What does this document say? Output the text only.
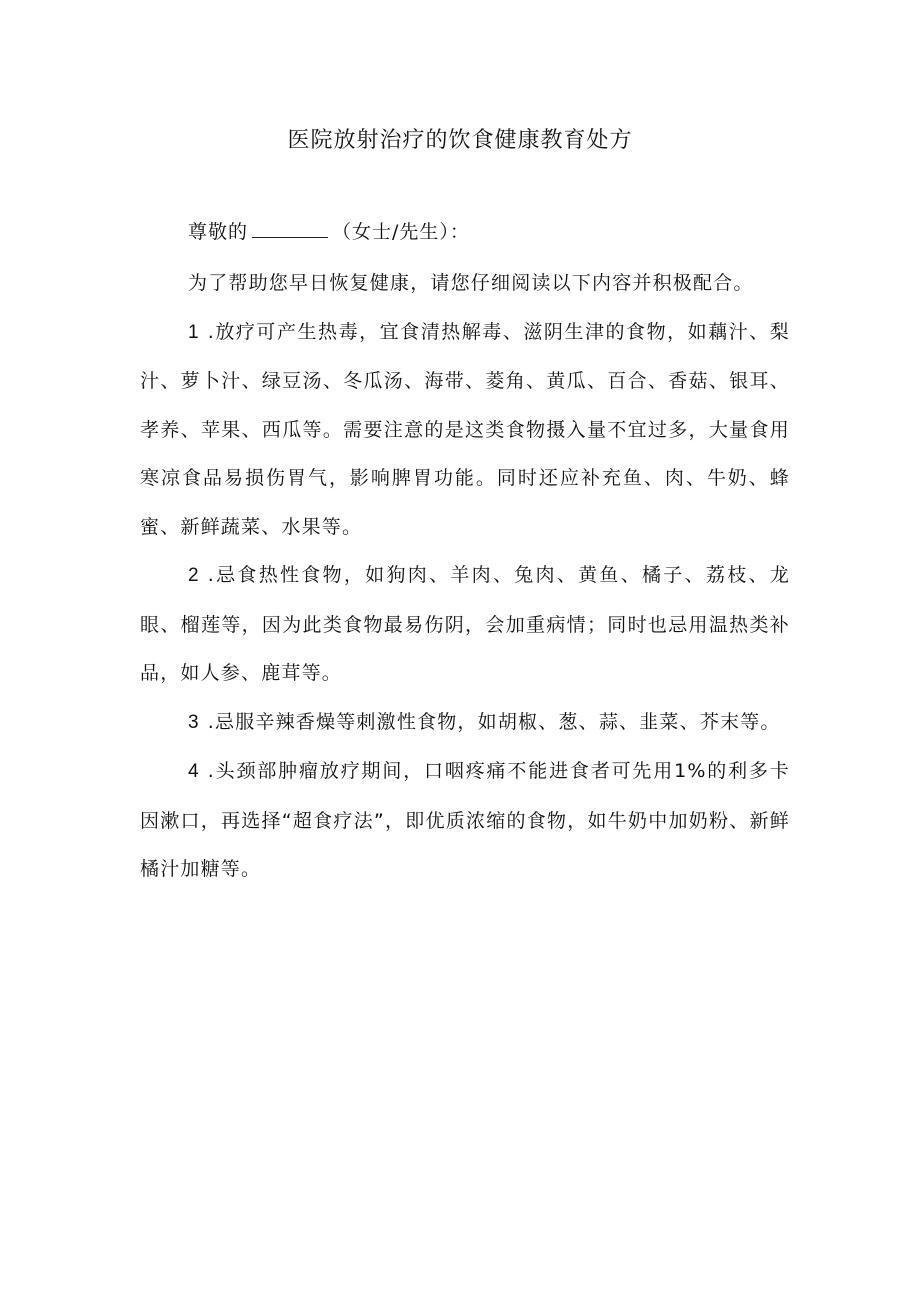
医院放射治疗的饮食健康教育处方
尊敬的	（女士/先生）：

为了帮助您早日恢复健康，请您仔细阅读以下内容并积极配合。

1 .放疗可产生热毒，宜食清热解毒、滋阴生津的食物，如藕汁、梨汁、萝卜汁、绿豆汤、冬瓜汤、海带、菱角、黄瓜、百合、香菇、银耳、孝养、苹果、西瓜等。需要注意的是这类食物摄入量不宜过多，大量食用寒凉食品易损伤胃气，影响脾胃功能。同时还应补充鱼、肉、牛奶、蜂蜜、新鲜蔬菜、水果等。

2 .忌食热性食物，如狗肉、羊肉、兔肉、黄鱼、橘子、荔枝、龙眼、榴莲等，因为此类食物最易伤阴，会加重病情；同时也忌用温热类补品，如人参、鹿茸等。

3 .忌服辛辣香燥等刺激性食物，如胡椒、葱、蒜、韭菜、芥末等。

4 .头颈部肿瘤放疗期间，口咽疼痛不能进食者可先用1%的利多卡因漱口，再选择“超食疗法”，即优质浓缩的食物，如牛奶中加奶粉、新鲜橘汁加糖等。
